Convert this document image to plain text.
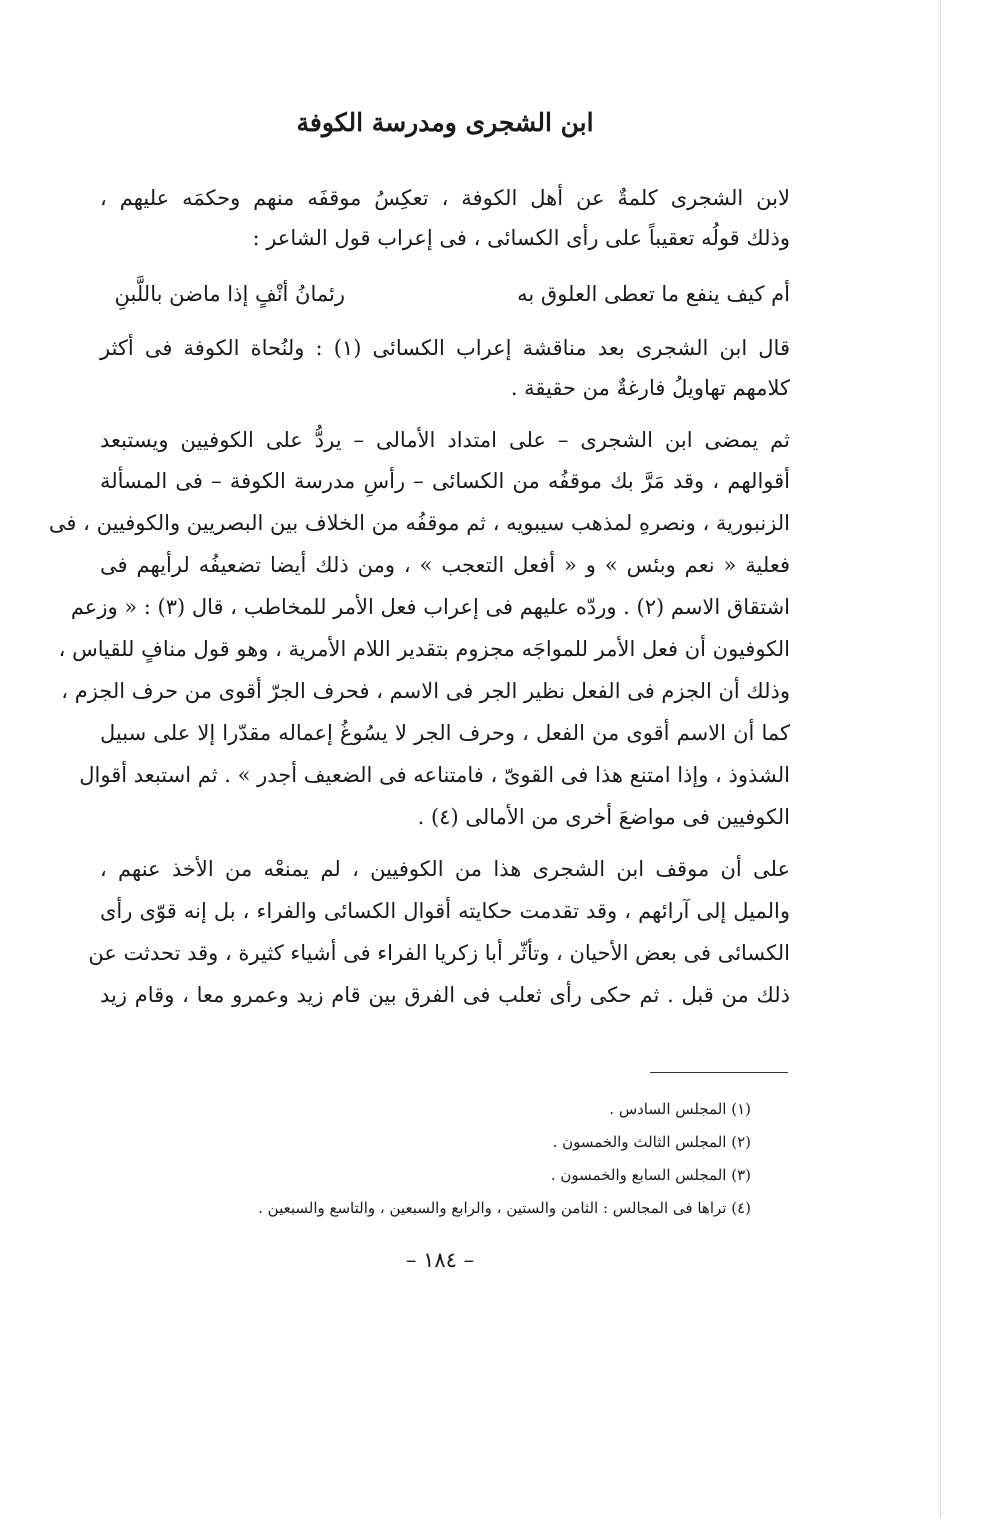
ابن الشجرى ومدرسة الكوفة
لابن الشجرى كلمةٌ عن أهل الكوفة ، تعكِسُ موقفَه منهم وحكمَه عليهم ،
وذلك قولُه تعقيباً على رأى الكسائى ، فى إعراب قول الشاعر :
أم كيف ينفع ما تعطى العلوق به
رئمانُ أنْفٍ إذا ماضن باللَّبنِ
قال ابن الشجرى بعد مناقشة إعراب الكسائى (١) : ولنُحاة الكوفة فى أكثر
كلامهم تهاويلُ فارغةٌ من حقيقة .
ثم يمضى ابن الشجرى – على امتداد الأمالى – يردُّ على الكوفيين ويستبعد
أقوالهم ، وقد مَرَّ بك موقفُه من الكسائى – رأسِ مدرسة الكوفة – فى المسألة
الزنبورية ، ونصرهِ لمذهب سيبويه ، ثم موقفُه من الخلاف بين البصريين والكوفيين ، فى
فعلية « نعم وبئس » و « أفعل التعجب » ، ومن ذلك أيضا تضعيفُه لرأيهم فى
اشتقاق الاسم (٢) . وردّه عليهم فى إعراب فعل الأمر للمخاطب ، قال (٣) : « وزعم
الكوفيون أن فعل الأمر للمواجَه مجزوم بتقدير اللام الأمرية ، وهو قول منافٍ للقياس ،
وذلك أن الجزم فى الفعل نظير الجر فى الاسم ، فحرف الجرّ أقوى من حرف الجزم ،
كما أن الاسم أقوى من الفعل ، وحرف الجر لا يسُوغُ إعماله مقدّرا إلا على سبيل
الشذوذ ، وإذا امتنع هذا فى القوىّ ، فامتناعه فى الضعيف أجدر » . ثم استبعد أقوال
الكوفيين فى مواضعَ أخرى من الأمالى (٤) .
على أن موقف ابن الشجرى هذا من الكوفيين ، لم يمنعْه من الأخذ عنهم ،
والميل إلى آرائهم ، وقد تقدمت حكايته أقوال الكسائى والفراء ، بل إنه قوّى رأى
الكسائى فى بعض الأحيان ، وتأثّر أبا زكريا الفراء فى أشياء كثيرة ، وقد تحدثت عن
ذلك من قبل . ثم حكى رأى ثعلب فى الفرق بين قام زيد وعمرو معا ، وقام زيد
(١) المجلس السادس .
(٢) المجلس الثالث والخمسون .
(٣) المجلس السابع والخمسون .
(٤) تراها فى المجالس : الثامن والستين ، والرابع والسبعين ، والتاسع والسبعين .
– ١٨٤ –
